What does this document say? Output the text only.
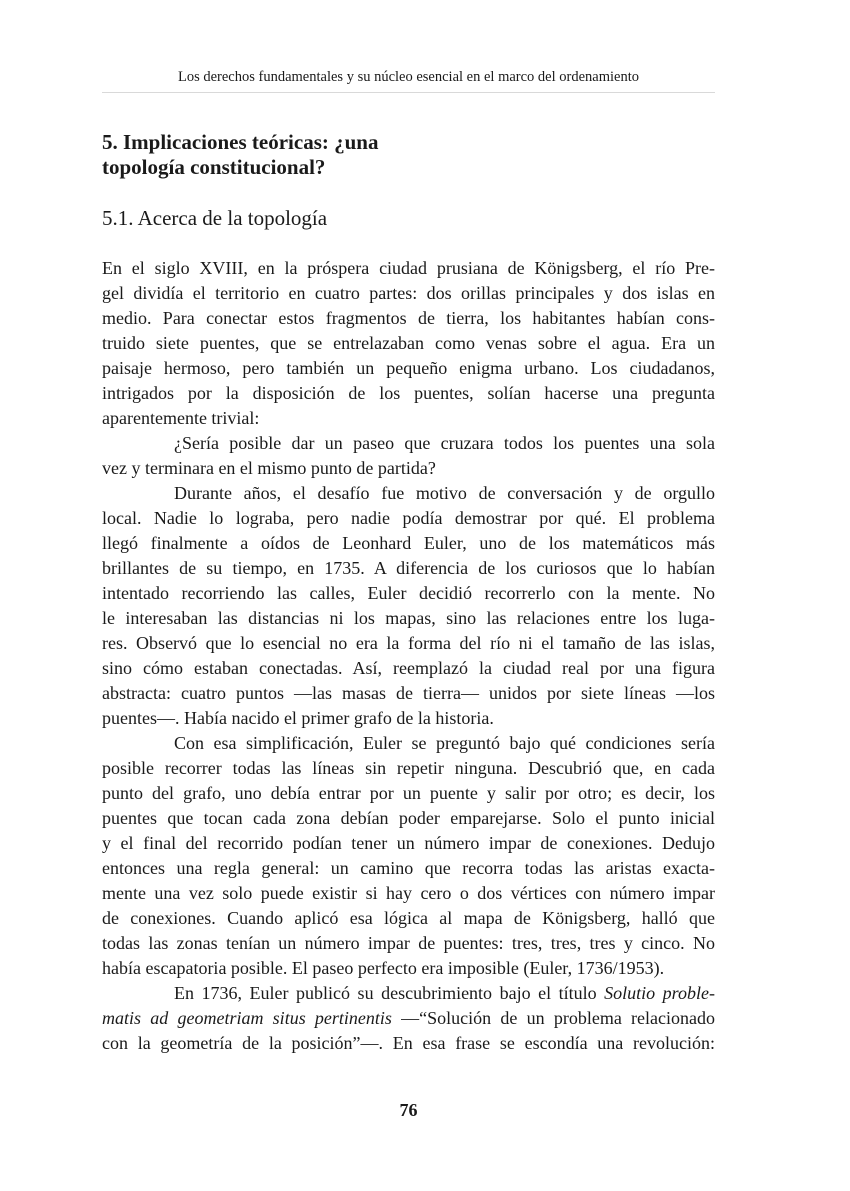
Los derechos fundamentales y su núcleo esencial en el marco del ordenamiento
5. Implicaciones teóricas: ¿una
topología constitucional?
5.1. Acerca de la topología

En el siglo XVIII, en la próspera ciudad prusiana de Königsberg, el río Pre-

gel dividía el territorio en cuatro partes: dos orillas principales y dos islas en

medio. Para conectar estos fragmentos de tierra, los habitantes habían cons-

truido siete puentes, que se entrelazaban como venas sobre el agua. Era un

paisaje hermoso, pero también un pequeño enigma urbano. Los ciudadanos,

intrigados por la disposición de los puentes, solían hacerse una pregunta

aparentemente trivial:

¿Sería posible dar un paseo que cruzara todos los puentes una sola

vez y terminara en el mismo punto de partida?

Durante años, el desafío fue motivo de conversación y de orgullo

local. Nadie lo lograba, pero nadie podía demostrar por qué. El problema

llegó finalmente a oídos de Leonhard Euler, uno de los matemáticos más

brillantes de su tiempo, en 1735. A diferencia de los curiosos que lo habían

intentado recorriendo las calles, Euler decidió recorrerlo con la mente. No

le interesaban las distancias ni los mapas, sino las relaciones entre los luga-

res. Observó que lo esencial no era la forma del río ni el tamaño de las islas,

sino cómo estaban conectadas. Así, reemplazó la ciudad real por una figura

abstracta: cuatro puntos —las masas de tierra— unidos por siete líneas —los

puentes—. Había nacido el primer grafo de la historia.

Con esa simplificación, Euler se preguntó bajo qué condiciones sería

posible recorrer todas las líneas sin repetir ninguna. Descubrió que, en cada

punto del grafo, uno debía entrar por un puente y salir por otro; es decir, los

puentes que tocan cada zona debían poder emparejarse. Solo el punto inicial

y el final del recorrido podían tener un número impar de conexiones. Dedujo

entonces una regla general: un camino que recorra todas las aristas exacta-

mente una vez solo puede existir si hay cero o dos vértices con número impar

de conexiones. Cuando aplicó esa lógica al mapa de Königsberg, halló que

todas las zonas tenían un número impar de puentes: tres, tres, tres y cinco. No

había escapatoria posible. El paseo perfecto era imposible (Euler, 1736/1953).

En 1736, Euler publicó su descubrimiento bajo el título Solutio proble-

matis ad geometriam situs pertinentis —“Solución de un problema relacionado

con la geometría de la posición”—. En esa frase se escondía una revolución:

76
